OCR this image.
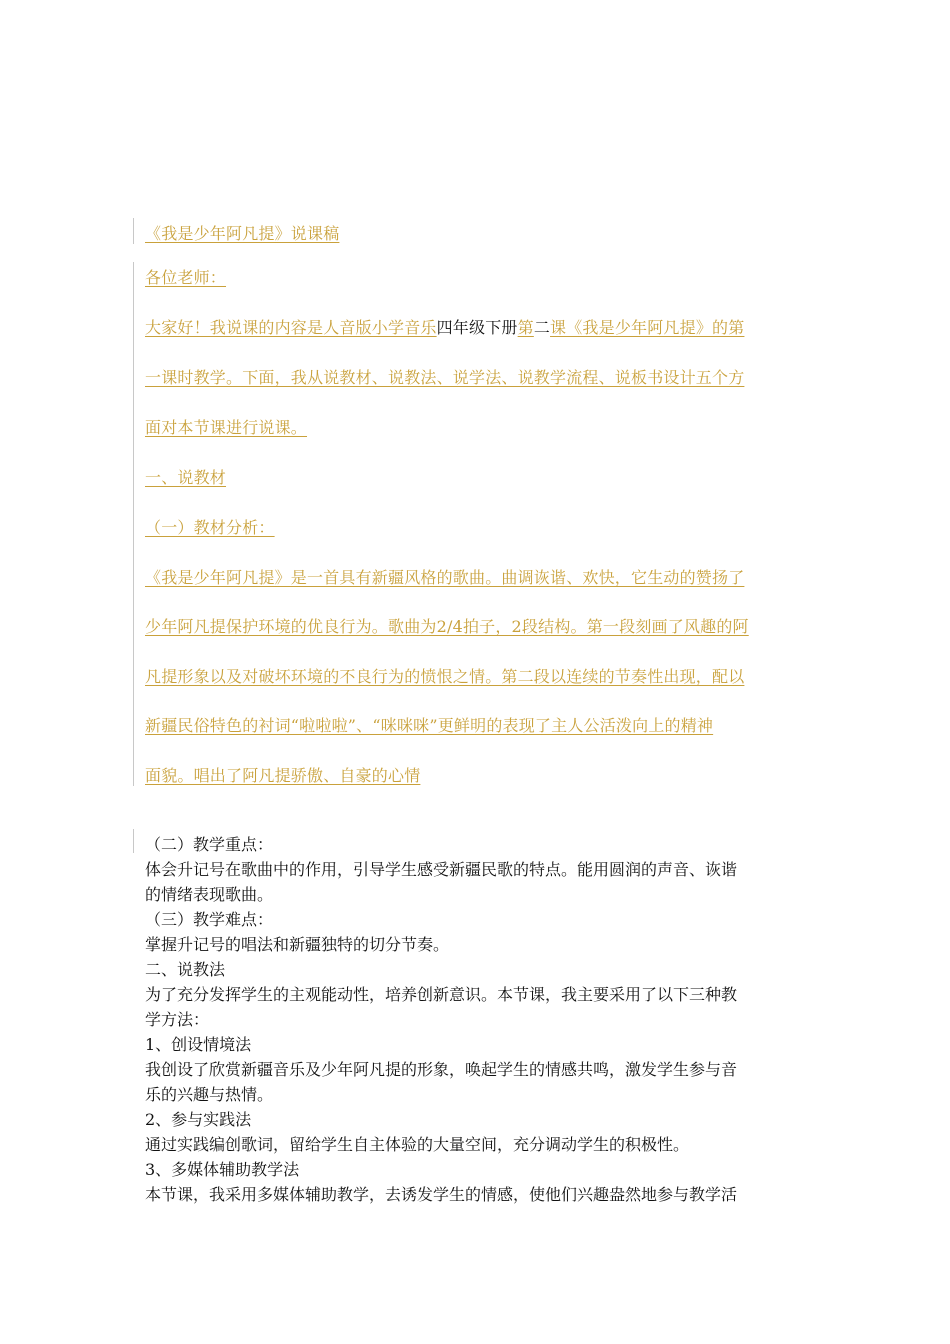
《我是少年阿凡提》说课稿
各位老师：
大家好！我说课的内容是人音版小学音乐四年级下册第二课《我是少年阿凡提》的第
一课时教学。下面，我从说教材、说教法、说学法、说教学流程、说板书设计五个方
面对本节课进行说课。
一、说教材
（一）教材分析：
《我是少年阿凡提》是一首具有新疆风格的歌曲。曲调诙谐、欢快，它生动的赞扬了
少年阿凡提保护环境的优良行为。歌曲为2/4拍子，2段结构。第一段刻画了风趣的阿
凡提形象以及对破坏环境的不良行为的愤恨之情。第二段以连续的节奏性出现，配以
新疆民俗特色的衬词“啦啦啦”、“咪咪咪”更鲜明的表现了主人公活泼向上的精神
面貌。唱出了阿凡提骄傲、自豪的心情
（二）教学重点：
体会升记号在歌曲中的作用，引导学生感受新疆民歌的特点。能用圆润的声音、诙谐
的情绪表现歌曲。
（三）教学难点：
掌握升记号的唱法和新疆独特的切分节奏。
二、说教法
为了充分发挥学生的主观能动性，培养创新意识。本节课，我主要采用了以下三种教
学方法：
1、创设情境法
我创设了欣赏新疆音乐及少年阿凡提的形象，唤起学生的情感共鸣，激发学生参与音
乐的兴趣与热情。
2、参与实践法
通过实践编创歌词，留给学生自主体验的大量空间，充分调动学生的积极性。
3、多媒体辅助教学法
本节课，我采用多媒体辅助教学，去诱发学生的情感，使他们兴趣盎然地参与教学活
